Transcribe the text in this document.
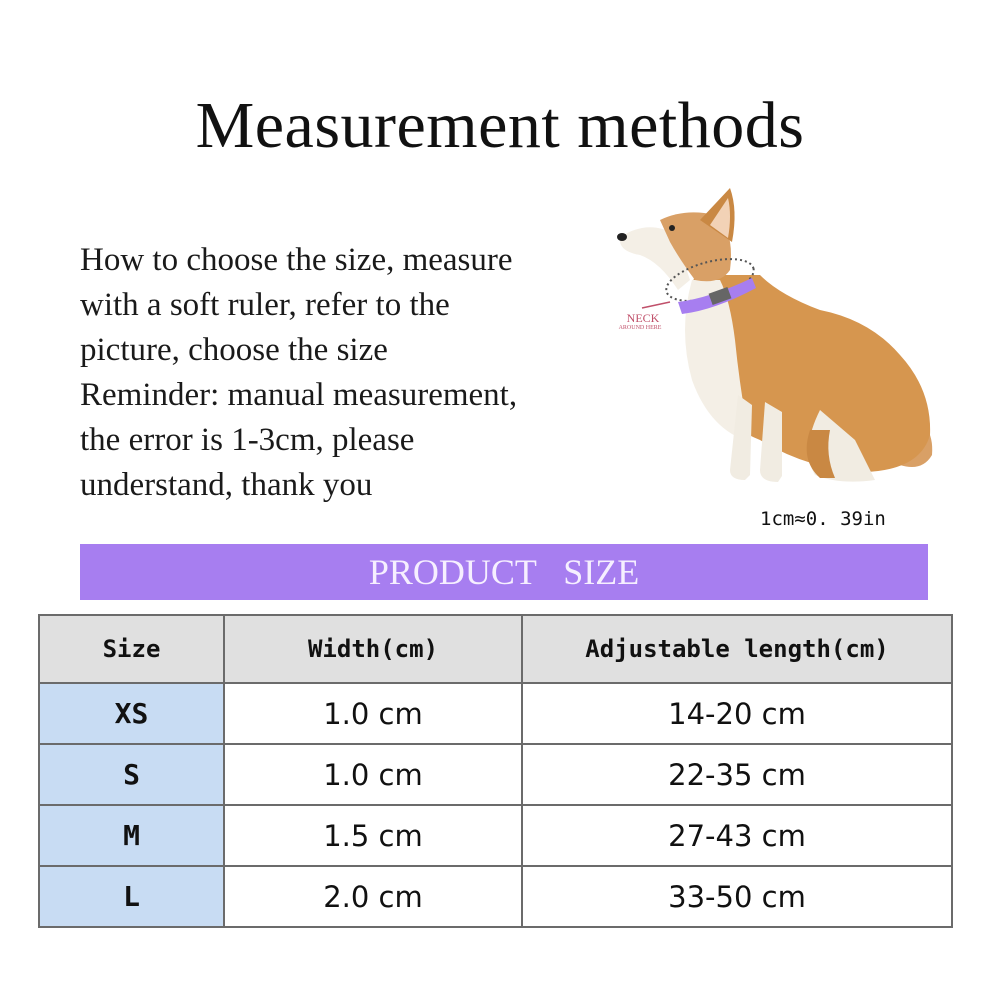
Measurement methods
How to choose the size, measure
with a soft ruler, refer to the
picture, choose the size
Reminder: manual measurement,
the error is 1-3cm, please
understand, thank you
NECK
AROUND HERE
1cm≈0. 39in
PRODUCT SIZE
Size	Width(cm)	Adjustable length(cm)
XS	1.0 cm	14-20 cm
S	1.0 cm	22-35 cm
M	1.5 cm	27-43 cm
L	2.0 cm	33-50 cm
